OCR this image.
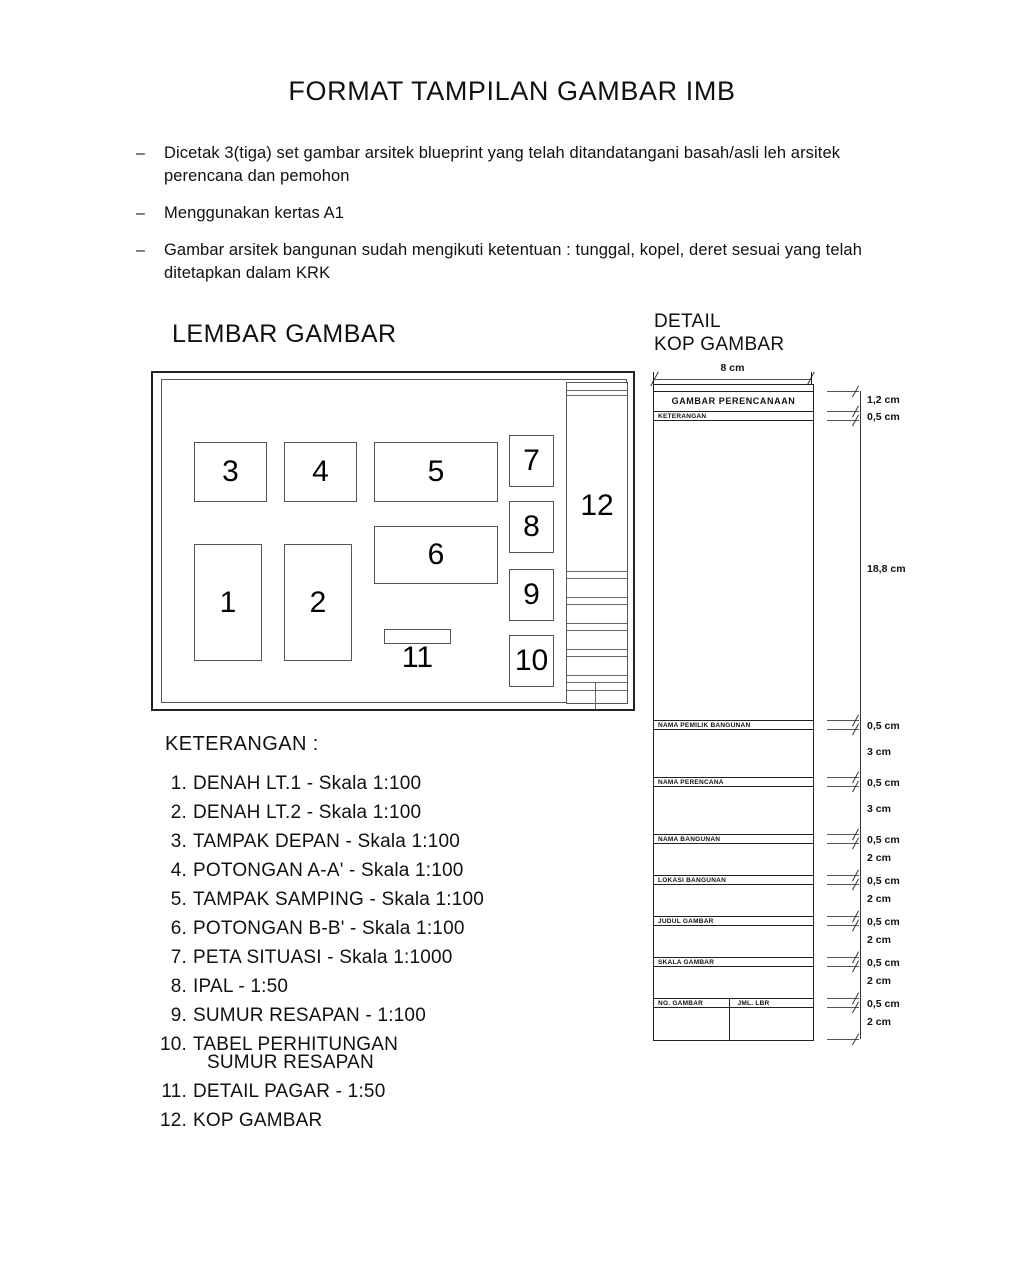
FORMAT TAMPILAN GAMBAR IMB
–	Dicetak 3(tiga) set gambar arsitek blueprint yang telah ditandatangani basah/asli leh arsitek perencana dan pemohon
–	Menggunakan kertas A1
–	Gambar arsitek bangunan sudah mengikuti ketentuan : tunggal, kopel, deret sesuai yang telah ditetapkan dalam KRK
LEMBAR GAMBAR	DETAIL
KOP GAMBAR
3 4	5
1 2
6
7
8
9
10
11
12
KETERANGAN :
1. DENAH LT.1 - Skala 1:100
2. DENAH LT.2 - Skala 1:100
3. TAMPAK DEPAN - Skala 1:100
4. POTONGAN A-A' - Skala 1:100
5. TAMPAK SAMPING - Skala 1:100
6. POTONGAN B-B' - Skala 1:100
7. PETA SITUASI - Skala 1:1000
8. IPAL - 1:50
9. SUMUR RESAPAN - 1:100
10. TABEL PERHITUNGAN
SUMUR RESAPAN
11. DETAIL PAGAR - 1:50
12. KOP GAMBAR
8 cm
GAMBAR PERENCANAAN
KETERANGAN
NAMA PEMILIK BANGUNAN
NAMA PERENCANA
NAMA BANGUNAN
LOKASI BANGUNAN
JUDUL GAMBAR
SKALA GAMBAR
NO. GAMBAR	JML. LBR
1,2 cm
0,5 cm
18,8 cm
0,5 cm
3 cm
0,5 cm
3 cm
0,5 cm
2 cm
0,5 cm
2 cm
0,5 cm
2 cm
0,5 cm
2 cm
0,5 cm
2 cm
